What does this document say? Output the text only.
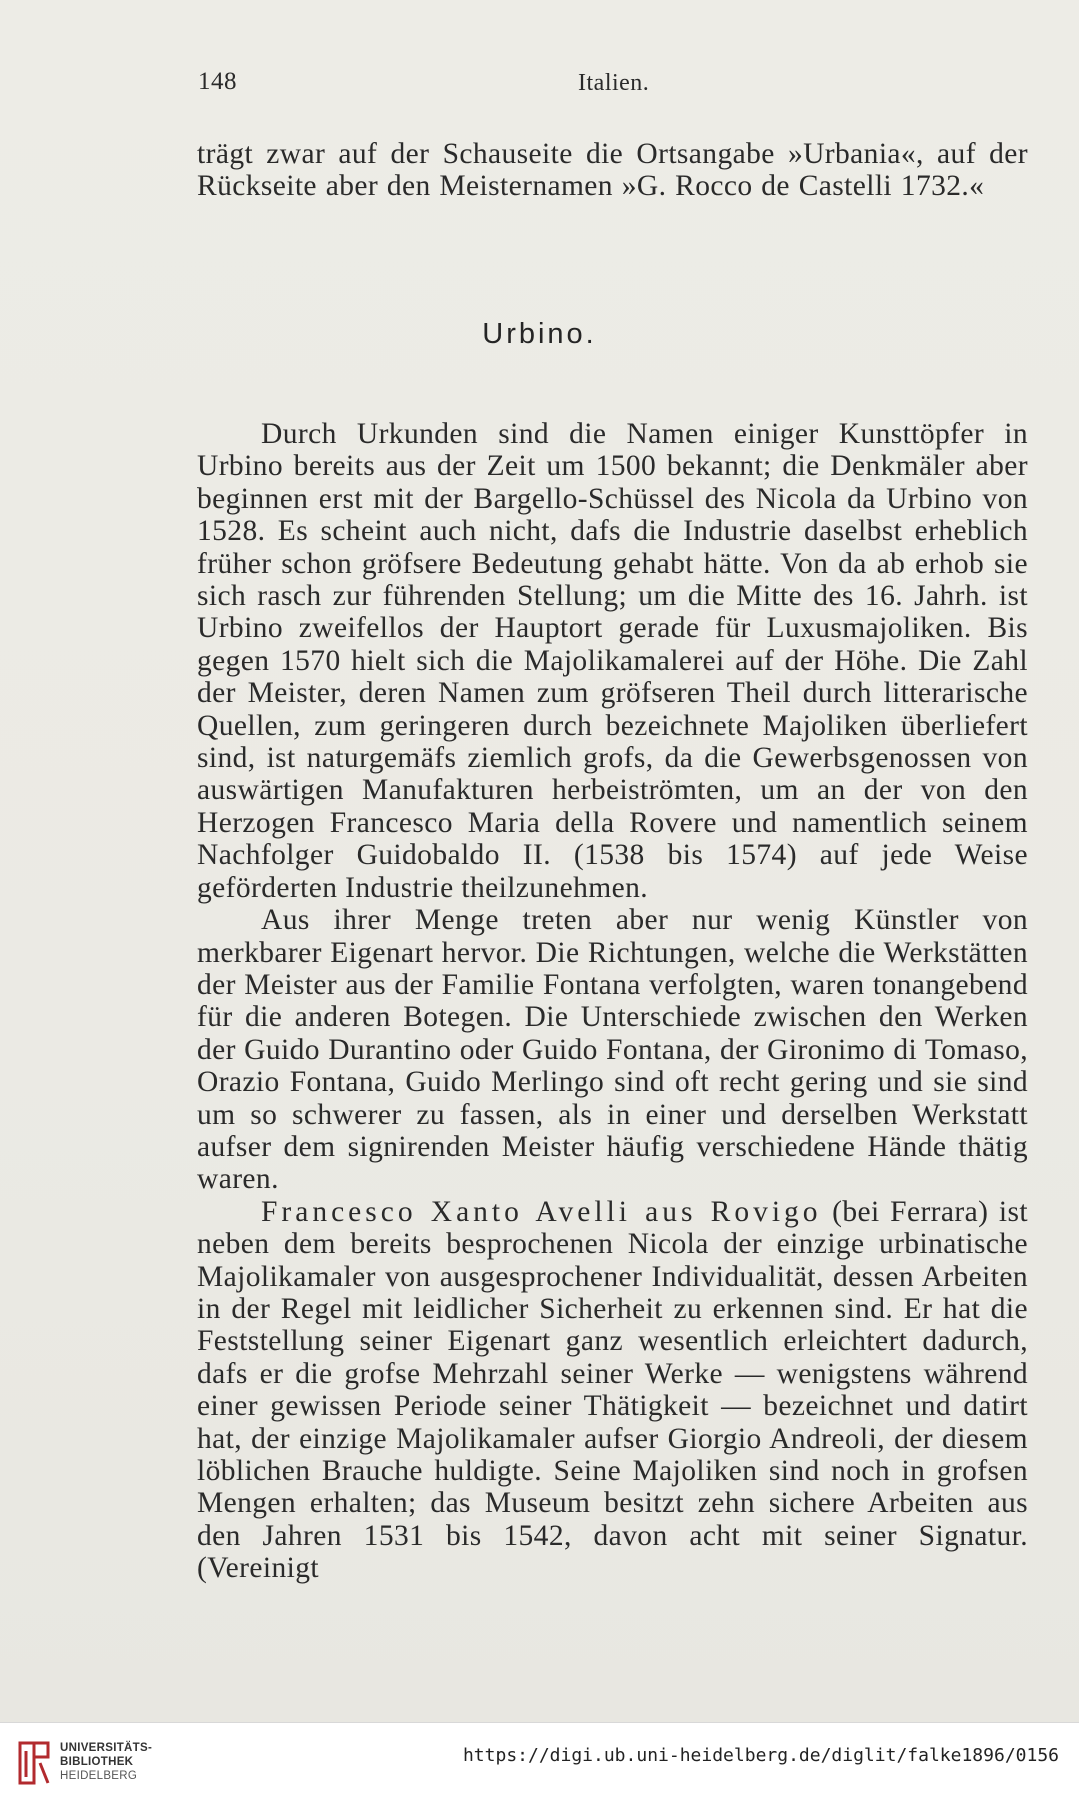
148	Italien.

trägt zwar auf der Schauseite die Ortsangabe »Urbania«, auf der Rückseite aber den Meisternamen »G. Rocco de Castelli 1732.«

Urbino.

Durch Urkunden sind die Namen einiger Kunsttöpfer in Urbino bereits aus der Zeit um 1500 bekannt; die Denkmäler aber beginnen erst mit der Bargello-Schüssel des Nicola da Urbino von 1528. Es scheint auch nicht, dafs die Industrie daselbst erheblich früher schon gröfsere Bedeutung gehabt hätte. Von da ab erhob sie sich rasch zur führenden Stellung; um die Mitte des 16. Jahrh. ist Urbino zweifellos der Hauptort gerade für Luxusmajoliken. Bis gegen 1570 hielt sich die Majolikamalerei auf der Höhe. Die Zahl der Meister, deren Namen zum gröfseren Theil durch litterarische Quellen, zum geringeren durch bezeichnete Majoliken überliefert sind, ist naturgemäfs ziemlich grofs, da die Gewerbsgenossen von auswärtigen Manufakturen herbeiströmten, um an der von den Herzogen Francesco Maria della Rovere und namentlich seinem Nachfolger Guidobaldo II. (1538 bis 1574) auf jede Weise geförderten Industrie theilzunehmen.

Aus ihrer Menge treten aber nur wenig Künstler von merkbarer Eigenart hervor. Die Richtungen, welche die Werkstätten der Meister aus der Familie Fontana verfolgten, waren tonangebend für die anderen Botegen. Die Unterschiede zwischen den Werken der Guido Durantino oder Guido Fontana, der Gironimo di Tomaso, Orazio Fontana, Guido Merlingo sind oft recht gering und sie sind um so schwerer zu fassen, als in einer und derselben Werkstatt aufser dem signirenden Meister häufig verschiedene Hände thätig waren.

Francesco Xanto Avelli aus Rovigo (bei Ferrara) ist neben dem bereits besprochenen Nicola der einzige urbinatische Majolikamaler von ausgesprochener Individualität, dessen Arbeiten in der Regel mit leidlicher Sicherheit zu erkennen sind. Er hat die Feststellung seiner Eigenart ganz wesentlich erleichtert dadurch, dafs er die grofse Mehrzahl seiner Werke — wenigstens während einer gewissen Periode seiner Thätigkeit — bezeichnet und datirt hat, der einzige Majolikamaler aufser Giorgio Andreoli, der diesem löblichen Brauche huldigte. Seine Majoliken sind noch in grofsen Mengen erhalten; das Museum besitzt zehn sichere Arbeiten aus den Jahren 1531 bis 1542, davon acht mit seiner Signatur. (Vereinigt

UNIVERSITÄTS-
BIBLIOTHEK
HEIDELBERG
https://digi.ub.uni-heidelberg.de/diglit/falke1896/0156
